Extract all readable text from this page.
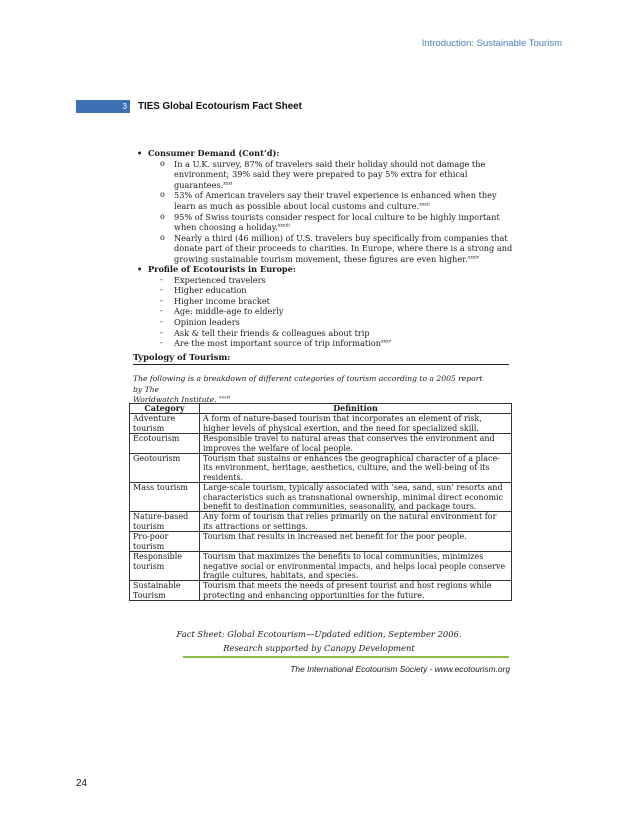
Introduction: Sustainable Tourism
3	TIES Global Ecotourism Fact Sheet
• Consumer Demand (Cont’d):
o In a U.K. survey, 87% of travelers said their holiday should not damage the
environment; 39% said they were prepared to pay 5% extra for ethical
guarantees.$^{xxxi}$
o 53% of American travelers say their travel experience is enhanced when they
learn as much as possible about local customs and culture.$^{xxxii}$
o 95% of Swiss tourists consider respect for local culture to be highly important
when choosing a holiday.$^{xxxiii}$
o Nearly a third (46 million) of U.S. travelers buy specifically from companies that
donate part of their proceeds to charities. In Europe, where there is a strong and
growing sustainable tourism movement, these figures are even higher.$^{xxxiv}$
• Profile of Ecotourists in Europe:
- Experienced travelers
- Higher education
- Higher income bracket
- Age: middle-age to elderly
- Opinion leaders
- Ask & tell their friends & colleagues about trip
- Are the most important source of trip information$^{xxxv}$
Typology of Tourism:
The following is a breakdown of different categories of tourism according to a 2005 report by The
Worldwatch Institute. $^{xxxvi}$
Category	Definition
Adventure
tourism	A form of nature-based tourism that incorporates an element of risk,
higher levels of physical exertion, and the need for specialized skill.
Ecotourism	Responsible travel to natural areas that conserves the environment and
improves the welfare of local people.
Geotourism	Tourism that sustains or enhances the geographical character of a place-
its environment, heritage, aesthetics, culture, and the well-being of its
residents.
Mass tourism	Large-scale tourism, typically associated with ‘sea, sand, sun’ resorts and
characteristics such as transnational ownership, minimal direct economic
benefit to destination communities, seasonality, and package tours.
Nature-based
tourism	Any form of tourism that relies primarily on the natural environment for
its attractions or settings.
Pro-poor
tourism	Tourism that results in increased net benefit for the poor people.
Responsible
tourism	Tourism that maximizes the benefits to local communities, minimizes
negative social or environmental impacts, and helps local people conserve
fragile cultures, habitats, and species.
Sustainable
Tourism	Tourism that meets the needs of present tourist and host regions while
protecting and enhancing opportunities for the future.
Fact Sheet: Global Ecotourism—Updated edition, September 2006.
Research supported by Canopy Development
The International Ecotourism Society - www.ecotourism.org
24
